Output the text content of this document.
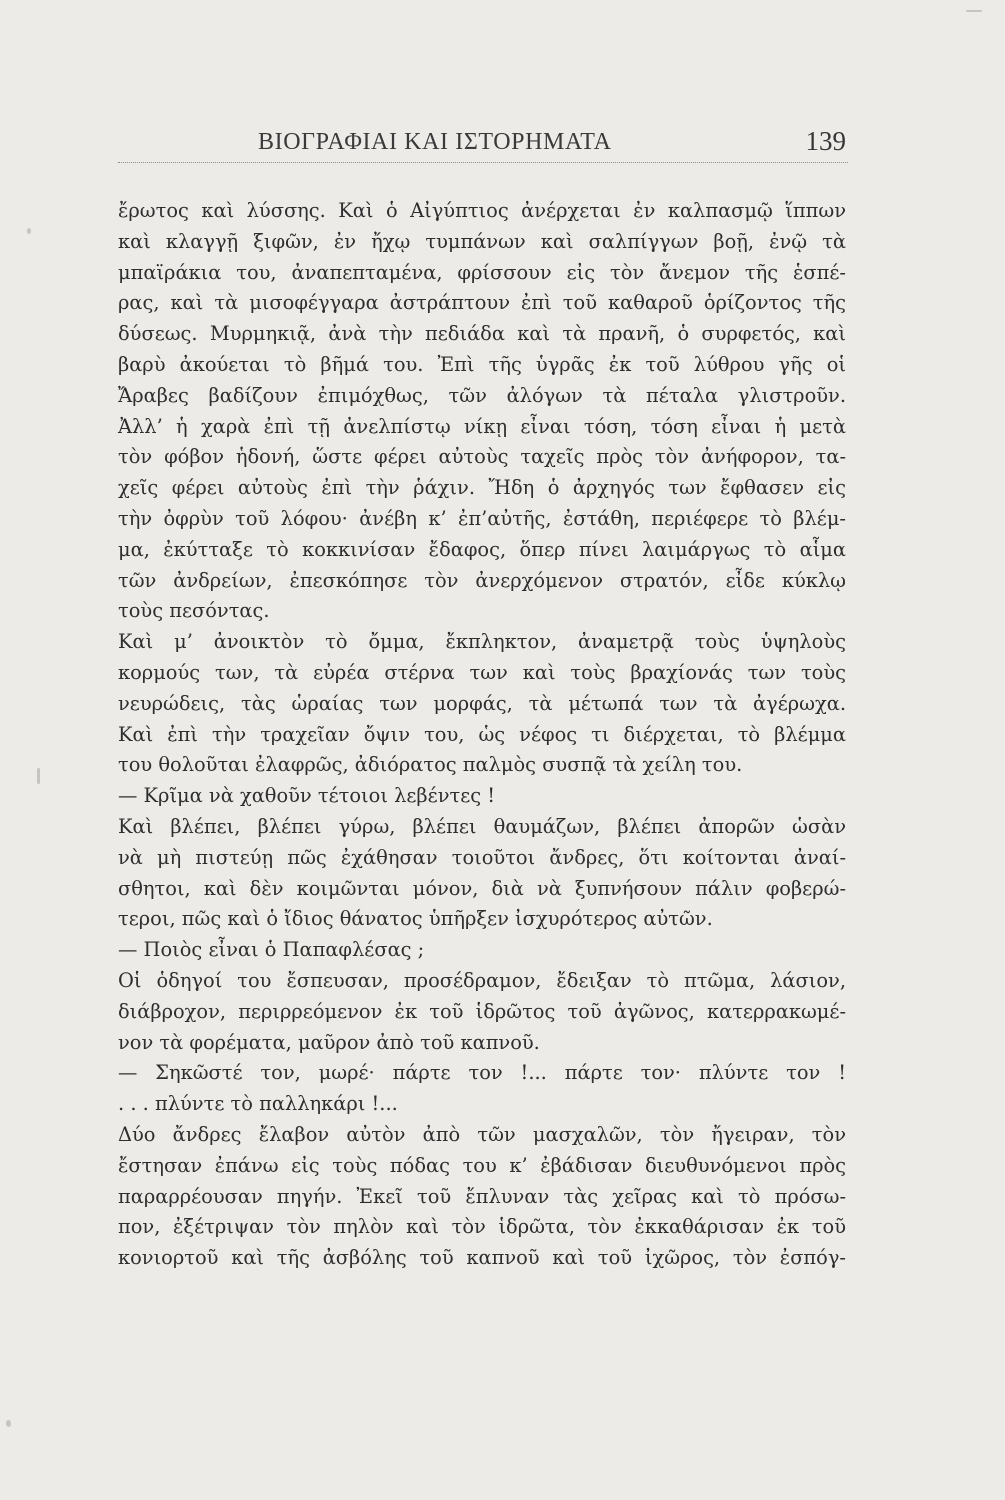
ΒΙΟΓΡΑΦΙΑΙ ΚΑΙ ΙΣΤΟΡΗΜΑΤΑ	139
ἔρωτος καὶ λύσσης. Καὶ ὁ Αἰγύπτιος ἀνέρχεται ἐν καλπασμῷ ἵππων
καὶ κλαγγῇ ξιφῶν, ἐν ἤχῳ τυμπάνων καὶ σαλπίγγων βοῇ, ἐνῷ τὰ
μπαϊράκια του, ἀναπεπταμένα, φρίσσουν εἰς τὸν ἄνεμον τῆς ἑσπέ-
ρας, καὶ τὰ μισοφέγγαρα ἀστράπτουν ἐπὶ τοῦ καθαροῦ ὁρίζοντος τῆς
δύσεως. Μυρμηκιᾷ, ἀνὰ τὴν πεδιάδα καὶ τὰ πρανῆ, ὁ συρφετός, καὶ
βαρὺ ἀκούεται τὸ βῆμά του. Ἐπὶ τῆς ὑγρᾶς ἐκ τοῦ λύθρου γῆς οἱ
Ἄραβες βαδίζουν ἐπιμόχθως, τῶν ἀλόγων τὰ πέταλα γλιστροῦν.
Ἀλλ’ ἡ χαρὰ ἐπὶ τῇ ἀνελπίστῳ νίκῃ εἶναι τόση, τόση εἶναι ἡ μετὰ
τὸν φόβον ἡδονή, ὥστε φέρει αὐτοὺς ταχεῖς πρὸς τὸν ἀνήφορον, τα-
χεῖς φέρει αὐτοὺς ἐπὶ τὴν ῥάχιν. Ἤδη ὁ ἀρχηγός των ἔφθασεν εἰς
τὴν ὀφρὺν τοῦ λόφου· ἀνέβη κ’ ἐπ’αὐτῆς, ἐστάθη, περιέφερε τὸ βλέμ-
μα, ἐκύτταξε τὸ κοκκινίσαν ἔδαφος, ὅπερ πίνει λαιμάργως τὸ αἷμα
τῶν ἀνδρείων, ἐπεσκόπησε τὸν ἀνερχόμενον στρατόν, εἶδε κύκλῳ
τοὺς πεσόντας.
Καὶ μ’ ἀνοικτὸν τὸ ὄμμα, ἔκπληκτον, ἀναμετρᾷ τοὺς ὑψηλοὺς
κορμούς των, τὰ εὐρέα στέρνα των καὶ τοὺς βραχίονάς των τοὺς
νευρώδεις, τὰς ὡραίας των μορφάς, τὰ μέτωπά των τὰ ἀγέρωχα.
Καὶ ἐπὶ τὴν τραχεῖαν ὄψιν του, ὡς νέφος τι διέρχεται, τὸ βλέμμα
του θολοῦται ἐλαφρῶς, ἀδιόρατος παλμὸς συσπᾷ τὰ χείλη του.
— Κρῖμα νὰ χαθοῦν τέτοιοι λεβέντες !
Καὶ βλέπει, βλέπει γύρω, βλέπει θαυμάζων, βλέπει ἀπορῶν ὡσὰν
νὰ μὴ πιστεύῃ πῶς ἐχάθησαν τοιοῦτοι ἄνδρες, ὅτι κοίτονται ἀναί-
σθητοι, καὶ δὲν κοιμῶνται μόνον, διὰ νὰ ξυπνήσουν πάλιν φοβερώ-
τεροι, πῶς καὶ ὁ ἴδιος θάνατος ὑπῆρξεν ἰσχυρότερος αὐτῶν.
— Ποιὸς εἶναι ὁ Παπαφλέσας ;
Οἱ ὁδηγοί του ἔσπευσαν, προσέδραμον, ἔδειξαν τὸ πτῶμα, λάσιον,
διάβροχον, περιρρεόμενον ἐκ τοῦ ἱδρῶτος τοῦ ἀγῶνος, κατερρακωμέ-
νον τὰ φορέματα, μαῦρον ἀπὸ τοῦ καπνοῦ.
— Σηκῶστέ τον, μωρέ· πάρτε τον !... πάρτε τον· πλύντε τον !
. . . πλύντε τὸ παλληκάρι !...
Δύο ἄνδρες ἔλαβον αὐτὸν ἀπὸ τῶν μασχαλῶν, τὸν ἤγειραν, τὸν
ἔστησαν ἐπάνω εἰς τοὺς πόδας του κ’ ἐβάδισαν διευθυνόμενοι πρὸς
παραρρέουσαν πηγήν. Ἐκεῖ τοῦ ἔπλυναν τὰς χεῖρας καὶ τὸ πρόσω-
πον, ἐξέτριψαν τὸν πηλὸν καὶ τὸν ἱδρῶτα, τὸν ἐκκαθάρισαν ἐκ τοῦ
κονιορτοῦ καὶ τῆς ἀσβόλης τοῦ καπνοῦ καὶ τοῦ ἰχῶρος, τὸν ἐσπόγ-
